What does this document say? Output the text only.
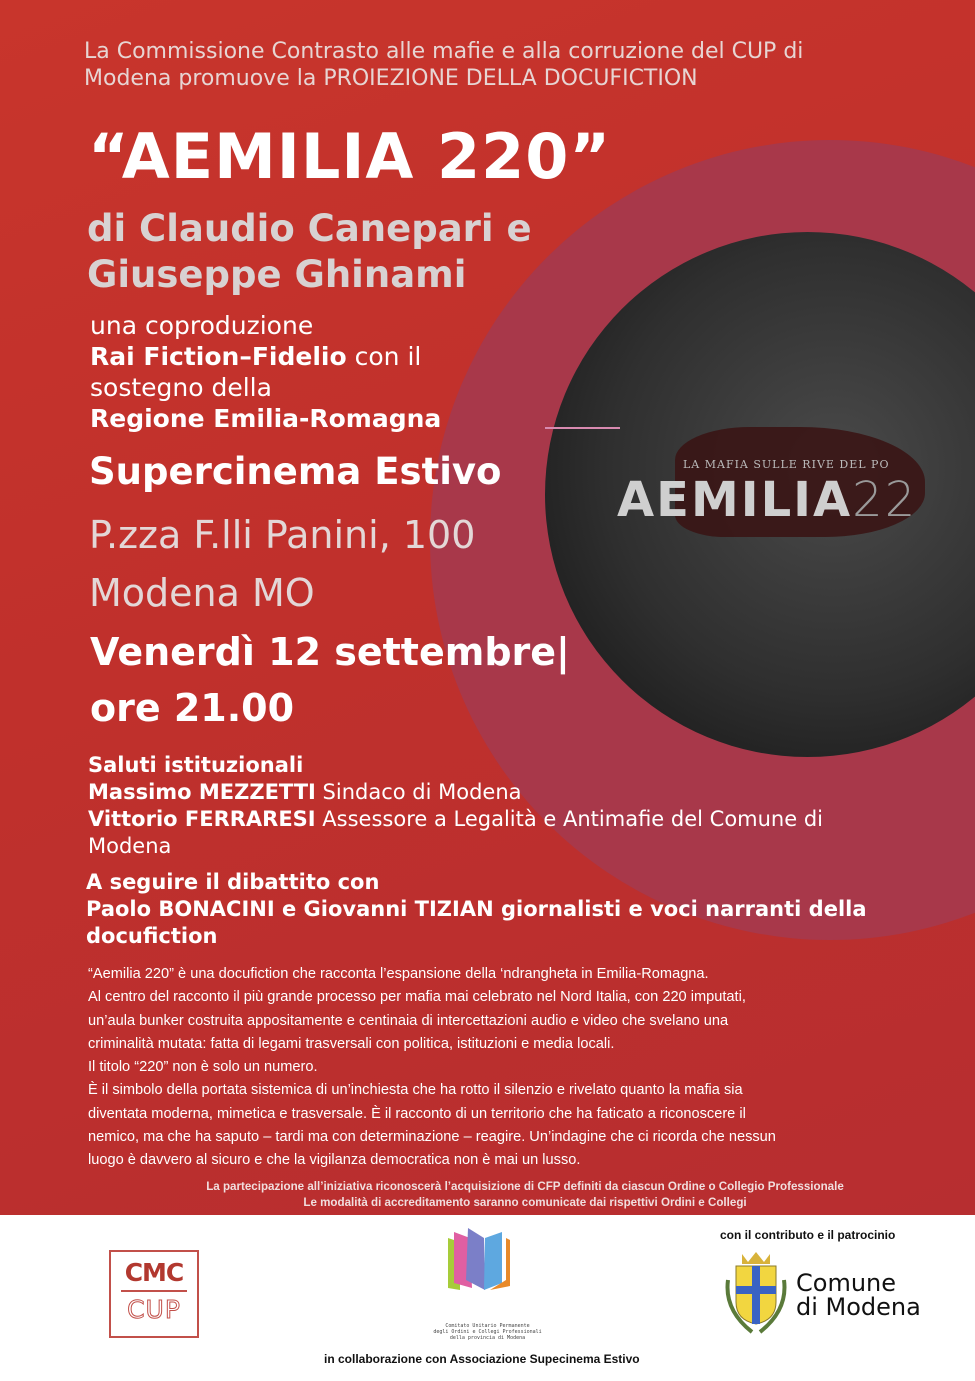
LA MAFIA SULLE RIVE DEL PO
AEMILIA22
La Commissione Contrasto alle mafie e alla corruzione del CUP di
Modena promuove la PROIEZIONE DELLA DOCUFICTION
“AEMILIA 220”
di Claudio Canepari e
Giuseppe Ghinami
una coproduzione
Rai Fiction–Fidelio con il
sostegno della
Regione Emilia-Romagna
Supercinema Estivo
P.zza F.lli Panini, 100
Modena MO
Venerdì 12 settembre|
ore 21.00
Saluti istituzionali
Massimo MEZZETTI Sindaco di Modena
Vittorio FERRARESI Assessore a Legalità e Antimafie del Comune di
Modena
A seguire il dibattito con
Paolo BONACINI e Giovanni TIZIAN giornalisti e voci narranti della
docufiction
“Aemilia 220” è una docufiction che racconta l’espansione della ‘ndrangheta in Emilia-Romagna.
Al centro del racconto il più grande processo per mafia mai celebrato nel Nord Italia, con 220 imputati,
un’aula bunker costruita appositamente e centinaia di intercettazioni audio e video che svelano una
criminalità mutata: fatta di legami trasversali con politica, istituzioni e media locali.
Il titolo “220” non è solo un numero.
È il simbolo della portata sistemica di un’inchiesta che ha rotto il silenzio e rivelato quanto la mafia sia
diventata moderna, mimetica e trasversale. È il racconto di un territorio che ha faticato a riconoscere il
nemico, ma che ha saputo – tardi ma con determinazione – reagire. Un’indagine che ci ricorda che nessun
luogo è davvero al sicuro e che la vigilanza democratica non è mai un lusso.
La partecipazione all’iniziativa riconoscerà l’acquisizione di CFP definiti da ciascun Ordine o Collegio Professionale
Le modalità di accreditamento saranno comunicate dai rispettivi Ordini e Collegi
CMC
CUP
Comitato Unitario Permanente
degli Ordini e Collegi Professionali
della provincia di Modena
con il contributo e il patrocinio
Comune
di Modena
in collaborazione con Associazione Supecinema Estivo
